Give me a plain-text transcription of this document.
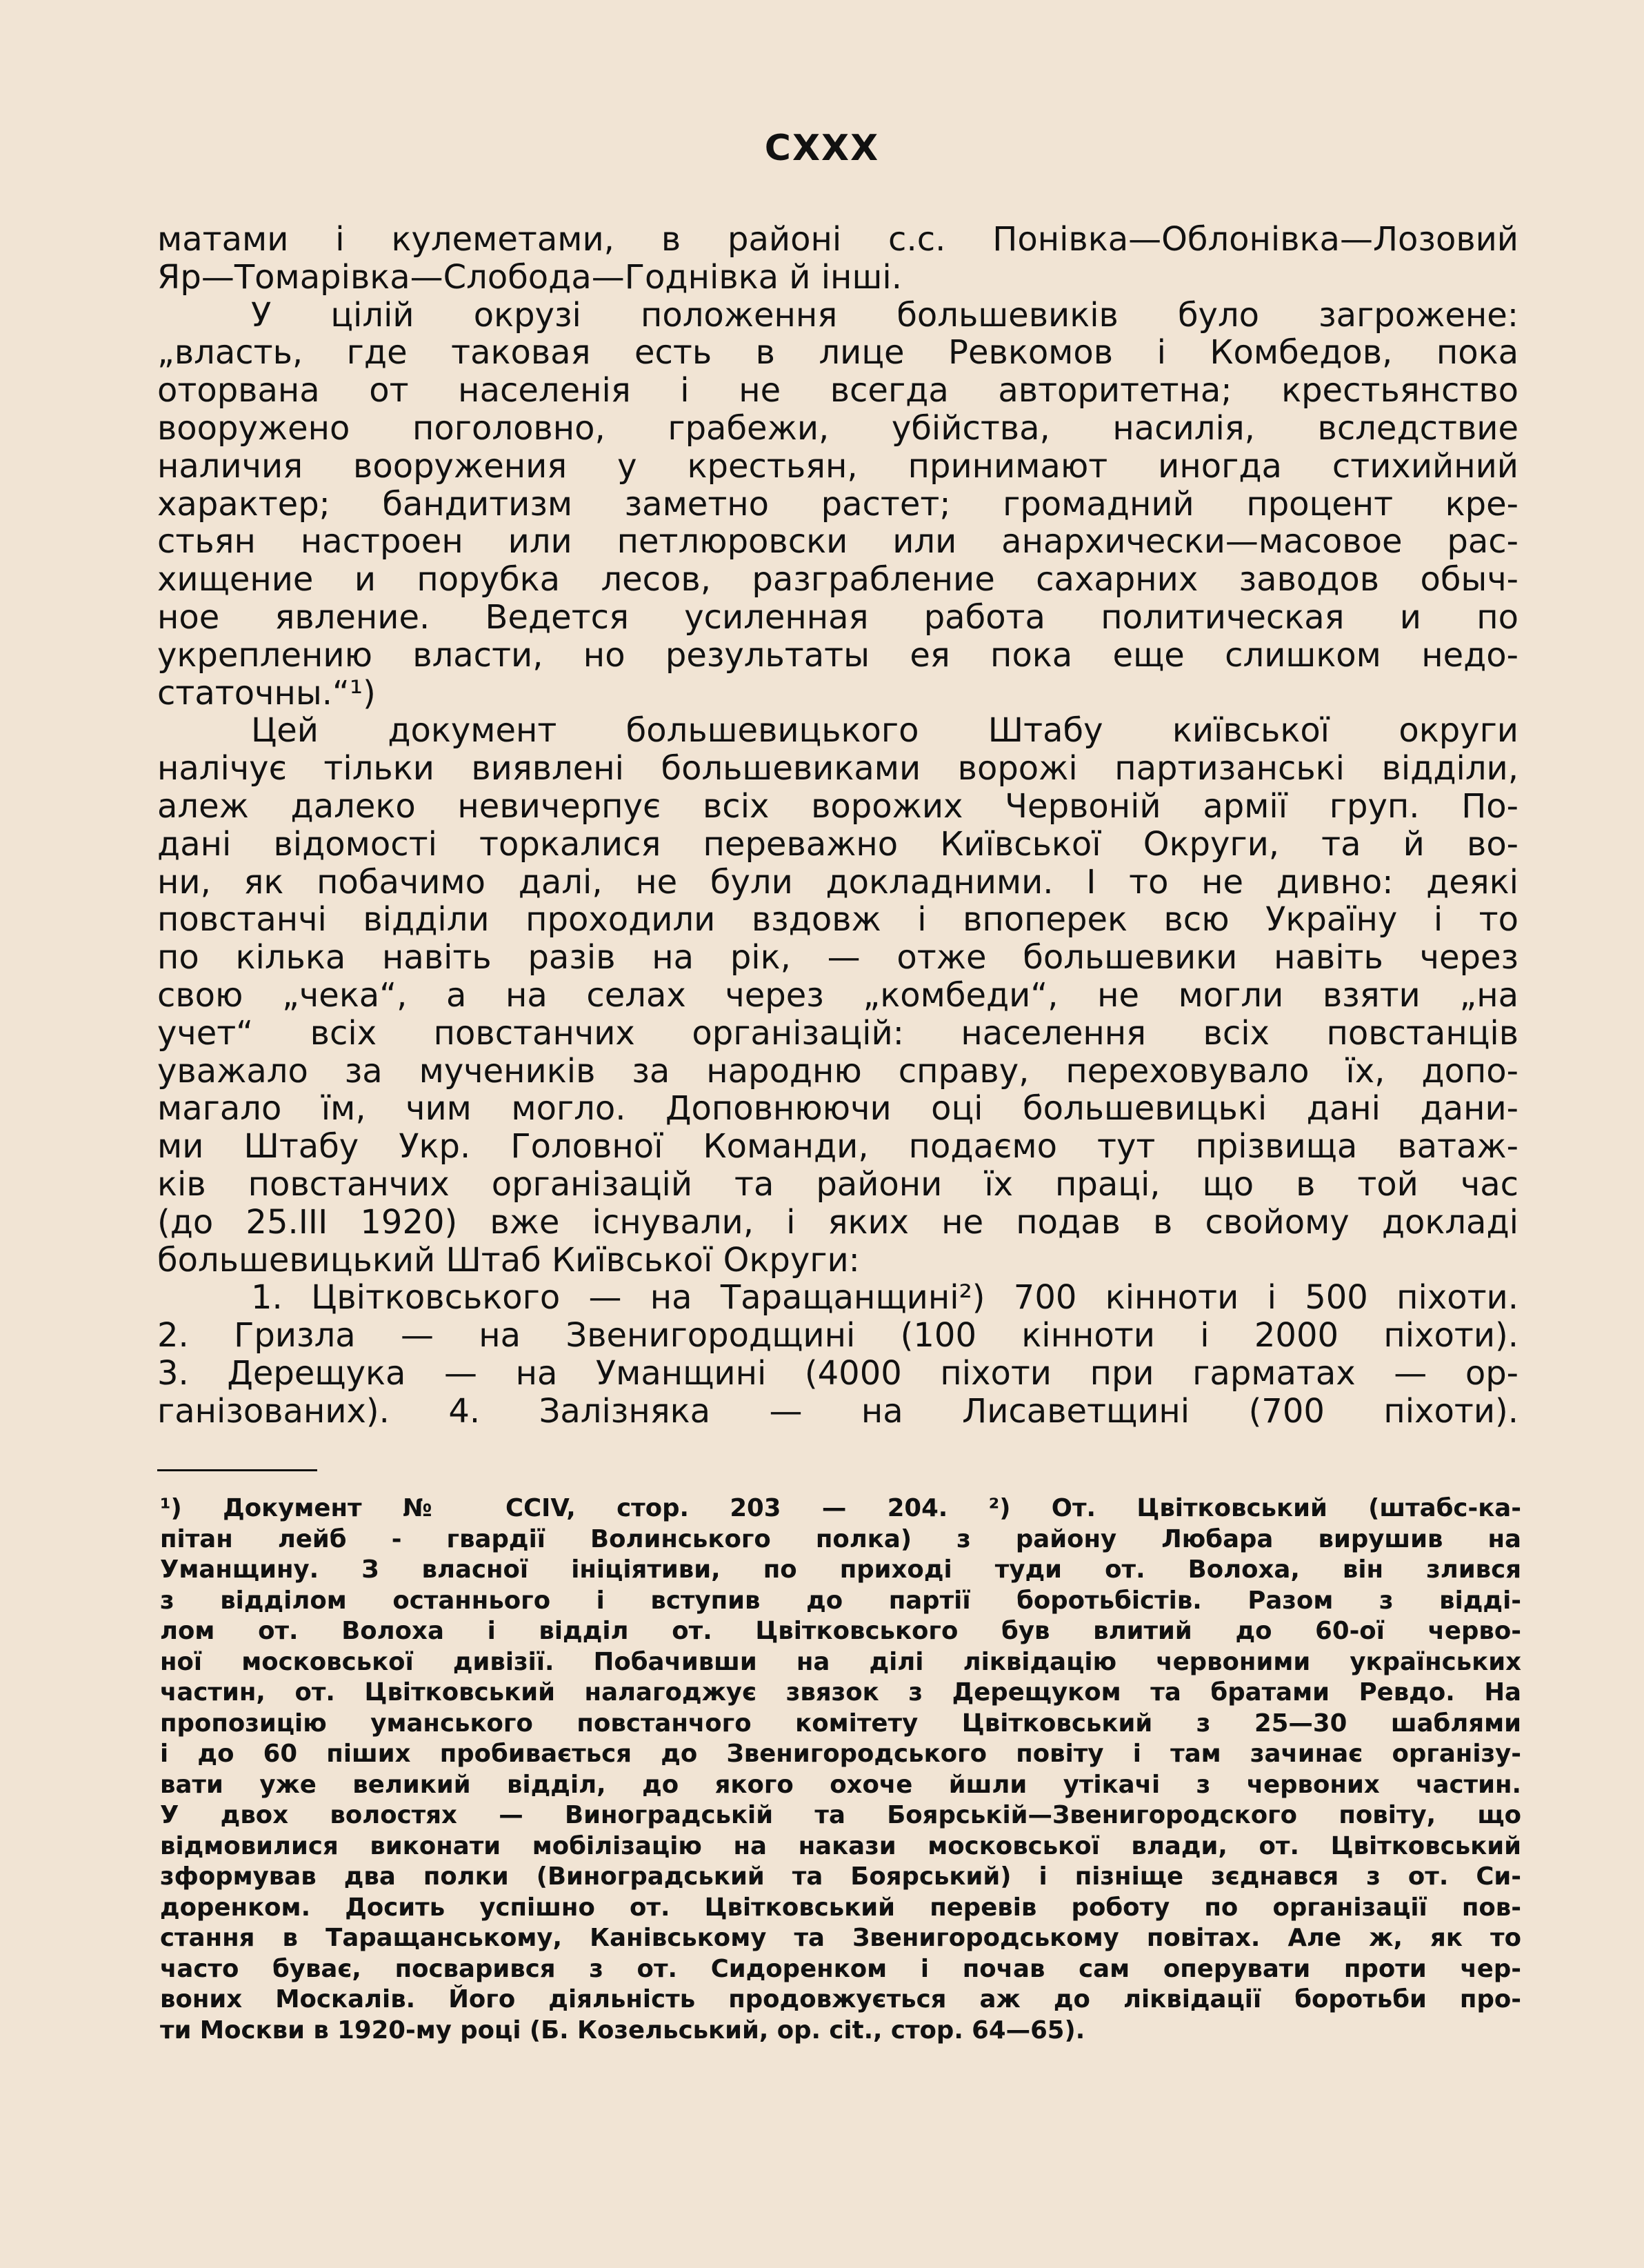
CXXX

матами і кулеметами, в районі с.с. Понівка—Облонівка—Лозовий

Яр—Томарівка—Слобода—Годнівка й інші.

У цілій окрузі положення большевиків було загрожене:

„власть, где таковая есть в лице Ревкомов і Комбедов, пока

оторвана от населенія і не всегда авторитетна; крестьянство

вооружено поголовно, грабежи, убійства, насилія, вследствие

наличия вооружения у крестьян, принимают иногда стихийний

характер; бандитизм заметно растет; громадний процент кре-

стьян настроен или петлюровски или анархически—масовое рас-

хищение и порубка лесов, разграбление сахарних заводов обыч-

ное явление. Ведется усиленная работа политическая и по

укреплению власти, но результаты ея пока еще слишком недо-

статочны.“¹)

Цей документ большевицького Штабу київської округи

налічує тільки виявлені большевиками ворожі партизанські відділи,

алеж далеко невичерпує всіх ворожих Червоній армії груп. По-

дані відомості торкалися переважно Київської Округи, та й во-

ни, як побачимо далі, не були докладними. І то не дивно: деякі

повстанчі відділи проходили вздовж і впоперек всю Україну і то

по кілька навіть разів на рік, — отже большевики навіть через

свою „чека“, а на селах через „комбеди“, не могли взяти „на

учет“ всіх повстанчих організацій: населення всіх повстанців

уважало за мучеників за народню справу, переховувало їх, допо-

магало їм, чим могло. Доповнюючи оці большевицькі дані дани-

ми Штабу Укр. Головної Команди, подаємо тут прізвища ватаж-

ків повстанчих організацій та райони їх праці, що в той час

(до 25.III 1920) вже існували, і яких не подав в свойому докладі

большевицький Штаб Київської Округи:

1. Цвітковського — на Таращанщині²) 700 кінноти і 500 піхоти.

2. Гризла — на Звенигородщині (100 кінноти і 2000 піхоти).

3. Дерещука — на Уманщині (4000 піхоти при гарматах — ор-

ганізованих). 4. Залізняка — на Лисаветщині (700 піхоти).

¹) Документ № CCIV, стор. 203 — 204. ²) От. Цвітковський (штабс-ка-

пітан лейб - гвардії Волинського полка) з району Любара вирушив на

Уманщину. З власної ініціятиви, по приході туди от. Волоха, він злився

з відділом останнього і вступив до партії боротьбістів. Разом з відді-

лом от. Волоха і відділ от. Цвітковського був влитий до 60-ої черво-

ної московської дивізії. Побачивши на ділі ліквідацію червоними українських

частин, от. Цвітковський налагоджує звязок з Дерещуком та братами Ревдо. На

пропозицію уманського повстанчого комітету Цвітковський з 25—30 шаблями

і до 60 піших пробивається до Звенигородського повіту і там зачинає організу-

вати уже великий відділ, до якого охоче йшли утікачі з червоних частин.

У двох волостях — Виноградській та Боярській—Звенигородского повіту, що

відмовилися виконати мобілізацію на накази московської влади, от. Цвітковський

зформував два полки (Виноградський та Боярський) і пізніще зєднався з от. Си-

доренком. Досить успішно от. Цвітковський перевів роботу по організації пов-

стання в Таращанському, Канівському та Звенигородському повітах. Але ж, як то

часто буває, посварився з от. Сидоренком і почав сам оперувати проти чер-

воних Москалів. Його діяльність продовжується аж до ліквідації боротьби про-

ти Москви в 1920-му році (Б. Козельський, ор. cit., стор. 64—65).
